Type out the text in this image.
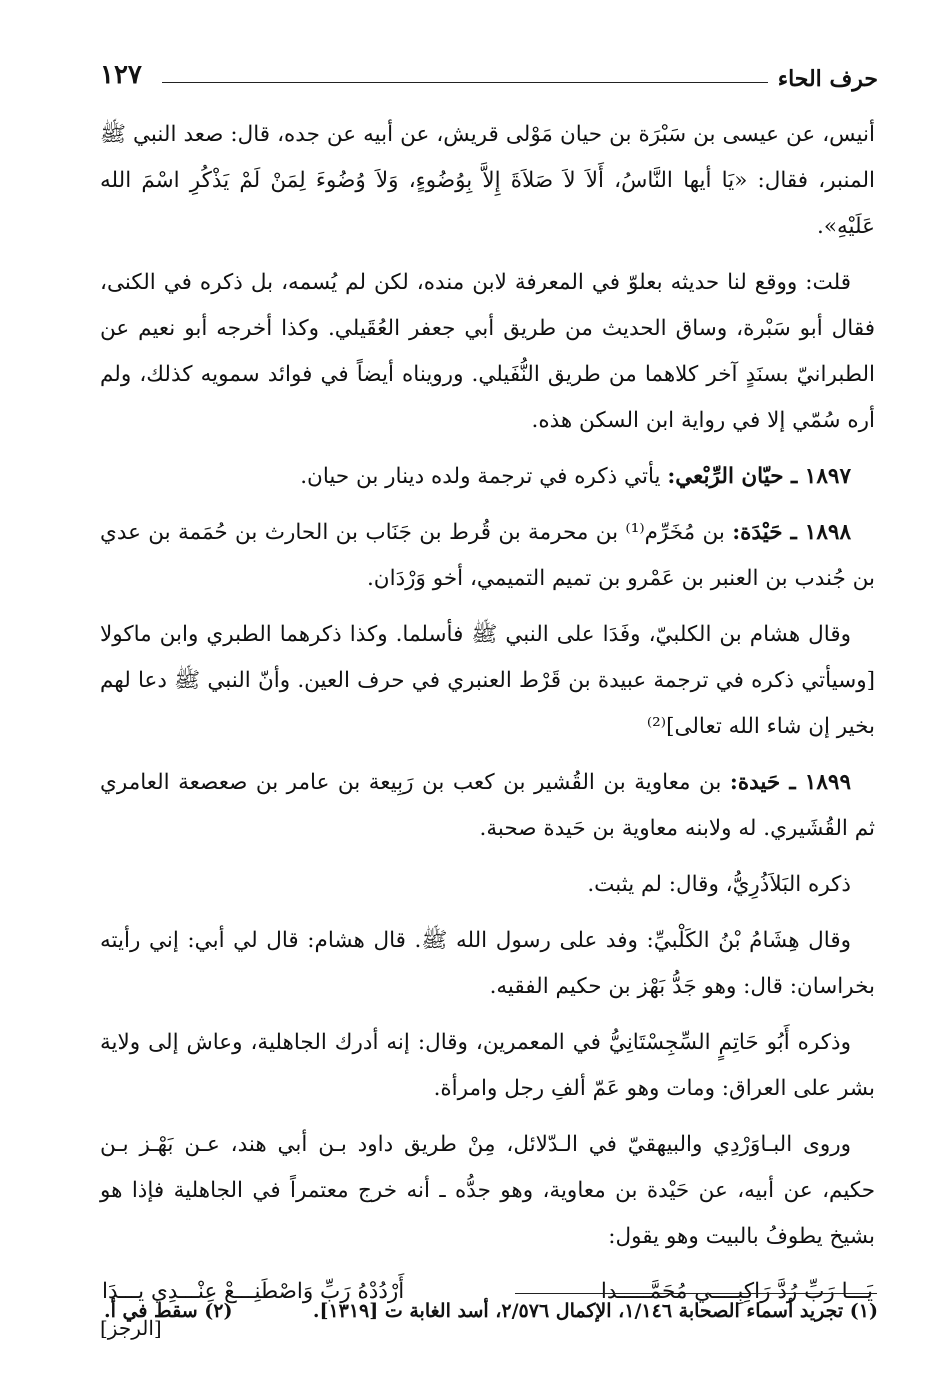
حرف الحاء
١٢٧

أنيس، عن عيسى بن سَبْرَة بن حيان مَوْلى قريش، عن أبيه عن جده، قال: صعد النبي ﷺ المنبر، فقال: «يَا أيها النَّاسُ، أَلاَ لاَ صَلاَةَ إِلاَّ بِوُضُوءٍ، وَلاَ وُضُوءَ لِمَنْ لَمْ يَذْكُرِ اسْمَ الله عَلَيْهِ».

قلت: ووقع لنا حديثه بعلوّ في المعرفة لابن منده، لكن لم يُسمه، بل ذكره في الكنى، فقال أبو سَبْرة، وساق الحديث من طريق أبي جعفر العُقَيلي. وكذا أخرجه أبو نعيم عن الطبرانيّ بسنَدٍ آخر كلاهما من طريق النُّفَيلي. ورويناه أيضاً في فوائد سمويه كذلك، ولم أره سُمّي إلا في رواية ابن السكن هذه.

١٨٩٧ ـ حيّان الرِّبْعي: يأتي ذكره في ترجمة ولده دينار بن حيان.

١٨٩٨ ـ حَيْدَة: بن مُخَرِّم⁽¹⁾ بن محرمة بن قُرط بن جَنَاب بن الحارث بن حُمَمة بن عدي بن جُندب بن العنبر بن عَمْرو بن تميم التميمي، أخو وَرْدَان.

وقال هشام بن الكلبيّ، وفَدَا على النبي ﷺ فأسلما. وكذا ذكرهما الطبري وابن ماكولا [وسيأتي ذكره في ترجمة عبيدة بن قَرْط العنبري في حرف العين. وأنّ النبي ﷺ دعا لهم بخير إن شاء الله تعالى]⁽²⁾

١٨٩٩ ـ حَيدة: بن معاوية بن القُشير بن كعب بن رَبِيعة بن عامر بن صعصعة العامري ثم القُشَيري. له ولابنه معاوية بن حَيدة صحبة.

ذكره البَلاَذُرِيُّ، وقال: لم يثبت.

وقال هِشَامُ بْنُ الكَلْبيِّ: وفد على رسول الله ﷺ. قال هشام: قال لي أبي: إني رأيته بخراسان: قال: وهو جَدُّ بَهْز بن حكيم الفقيه.

وذكره أَبُو حَاتِمٍ السِّجِسْتَانِيُّ في المعمرين، وقال: إنه أدرك الجاهلية، وعاش إلى ولاية بشر على العراق: ومات وهو عَمّ ألفِ رجل وامرأة.

وروى البـاوَرْدِي والبيهقيّ في الـدّلائل، مِنْ طريق داود بـن أبي هند، عـن بَهْـز بـن حكيم، عن أبيه، عن حَيْدة بن معاوية، وهو جدُّه ـ أنه خرج معتمراً في الجاهلية فإذا هو بشيخ يطوفُ بالبيت وهو يقول:

يَـــا رَبِّ رُدَّ رَاكِبِــــي مُحَمَّـــــدا
أَرْدُدْهُ رَبِّ وَاصْطَنِـــعْ عِنْـــدِي يـــدَا
[الرجز]
(١) تجريد أسماء الصحابة ١/١٤٦، الإكمال ٢/٥٧٦، أسد الغابة ت [١٣١٩].
(٢) سقط في أ.
